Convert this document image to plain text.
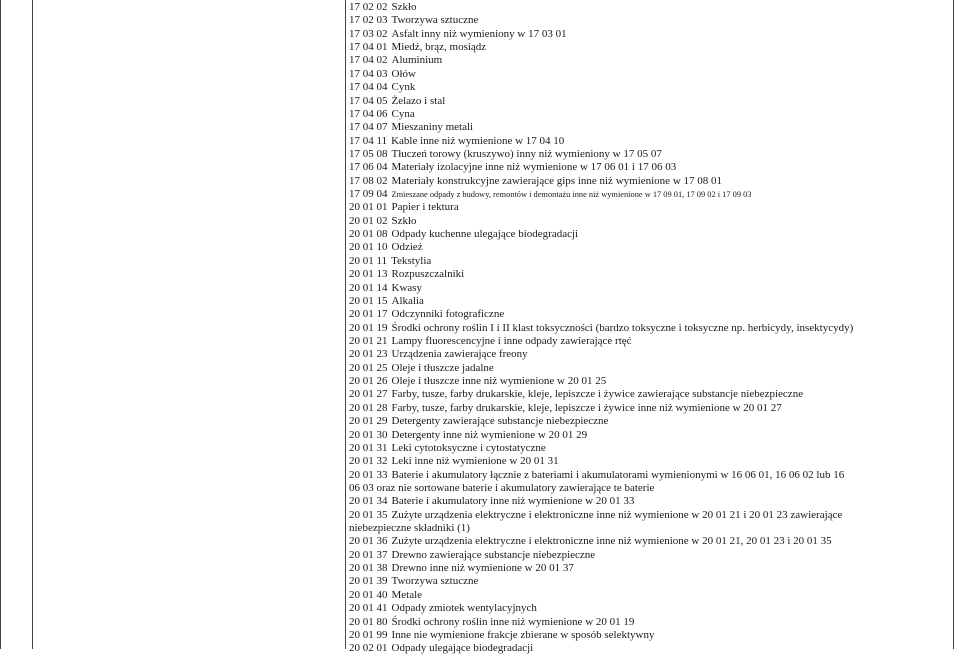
17 02 02 Szkło
17 02 03 Tworzywa sztuczne
17 03 02 Asfalt inny niż wymieniony w 17 03 01
17 04 01 Miedź, brąz, mosiądz
17 04 02 Aluminium
17 04 03 Ołów
17 04 04 Cynk
17 04 05 Żelazo i stal
17 04 06 Cyna
17 04 07 Mieszaniny metali
17 04 11 Kable inne niż wymienione w 17 04 10
17 05 08 Tłuczeń torowy (kruszywo) inny niż wymieniony w 17 05 07
17 06 04 Materiały izolacyjne inne niż wymienione w 17 06 01 i 17 06 03
17 08 02 Materiały konstrukcyjne zawierające gips inne niż wymienione w 17 08 01
17 09 04 Zmieszane odpady z budowy, remontów i demontażu inne niż wymienione w 17 09 01, 17 09 02 i 17 09 03
20 01 01 Papier i tektura
20 01 02 Szkło
20 01 08 Odpady kuchenne ulegające biodegradacji
20 01 10 Odzież
20 01 11 Tekstylia
20 01 13 Rozpuszczalniki
20 01 14 Kwasy
20 01 15 Alkalia
20 01 17 Odczynniki fotograficzne
20 01 19 Środki ochrony roślin I i II klast toksyczności (bardzo toksyczne i toksyczne np. herbicydy, insektycydy)
20 01 21 Lampy fluorescencyjne i inne odpady zawierające rtęć
20 01 23 Urządzenia zawierające freony
20 01 25 Oleje i tłuszcze jadalne
20 01 26 Oleje i tłuszcze inne niż wymienione w 20 01 25
20 01 27 Farby, tusze, farby drukarskie, kleje, lepiszcze i żywice zawierające substancje niebezpieczne
20 01 28 Farby, tusze, farby drukarskie, kleje, lepiszcze i żywice inne niż wymienione w 20 01 27
20 01 29 Detergenty zawierające substancje niebezpieczne
20 01 30 Detergenty inne niż wymienione w 20 01 29
20 01 31 Leki cytotoksyczne i cytostatyczne
20 01 32 Leki inne niż wymienione w 20 01 31
20 01 33 Baterie i akumulatory łącznie z bateriami i akumulatorami wymienionymi w 16 06 01, 16 06 02 lub 16
06 03 oraz nie sortowane baterie i akumulatory zawierające te baterie
20 01 34 Baterie i akumulatory inne niż wymienione w 20 01 33
20 01 35 Zużyte urządzenia elektryczne i elektroniczne inne niż wymienione w 20 01 21 i 20 01 23 zawierające
niebezpieczne składniki (1)
20 01 36 Zużyte urządzenia elektryczne i elektroniczne inne niż wymienione w 20 01 21, 20 01 23 i 20 01 35
20 01 37 Drewno zawierające substancje niebezpieczne
20 01 38 Drewno inne niż wymienione w 20 01 37
20 01 39 Tworzywa sztuczne
20 01 40 Metale
20 01 41 Odpady zmiotek wentylacyjnych
20 01 80 Środki ochrony roślin inne niż wymienione w 20 01 19
20 01 99 Inne nie wymienione frakcje zbierane w sposób selektywny
20 02 01 Odpady ulegające biodegradacji
